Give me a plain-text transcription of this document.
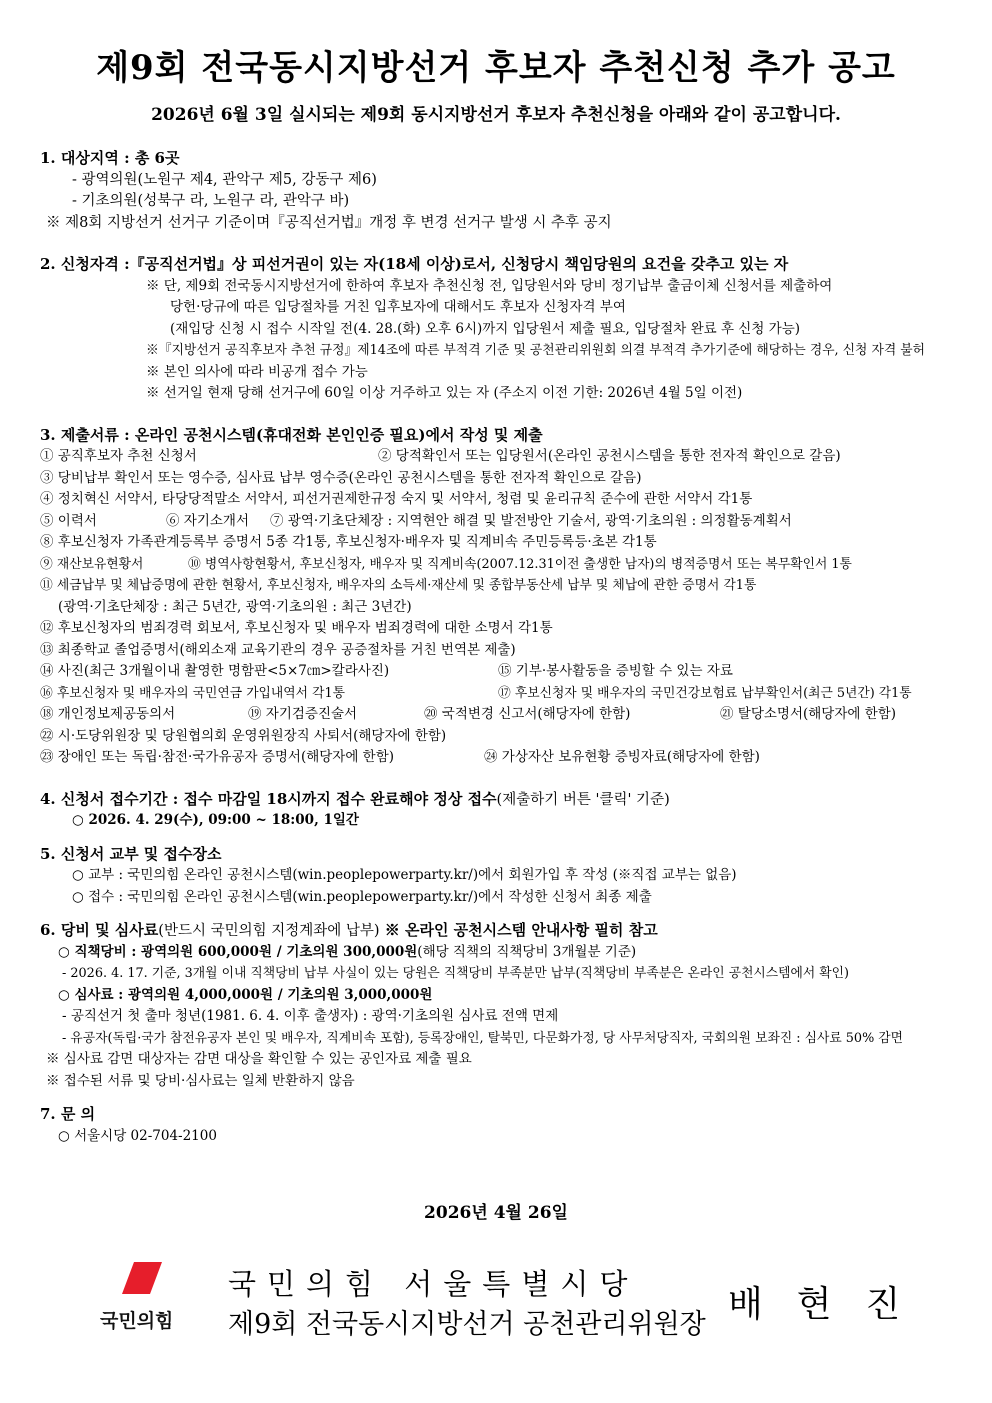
제9회 전국동시지방선거 후보자 추천신청 추가 공고
2026년 6월 3일 실시되는 제9회 동시지방선거 후보자 추천신청을 아래와 같이 공고합니다.
1. 대상지역 : 총 6곳
- 광역의원(노원구 제4, 관악구 제5, 강동구 제6)
- 기초의원(성북구 라, 노원구 라, 관악구 바)
※ 제8회 지방선거 선거구 기준이며『공직선거법』개정 후 변경 선거구 발생 시 추후 공지
2. 신청자격 :『공직선거법』상 피선거권이 있는 자(18세 이상)로서, 신청당시 책임당원의 요건을 갖추고 있는 자
※ 단, 제9회 전국동시지방선거에 한하여 후보자 추천신청 전, 입당원서와 당비 정기납부 출금이체 신청서를 제출하여
당헌·당규에 따른 입당절차를 거친 입후보자에 대해서도 후보자 신청자격 부여
(재입당 신청 시 접수 시작일 전(4. 28.(화) 오후 6시)까지 입당원서 제출 필요, 입당절차 완료 후 신청 가능)
※『지방선거 공직후보자 추천 규정』제14조에 따른 부적격 기준 및 공천관리위원회 의결 부적격 추가기준에 해당하는 경우, 신청 자격 불허
※ 본인 의사에 따라 비공개 접수 가능
※ 선거일 현재 당해 선거구에 60일 이상 거주하고 있는 자 (주소지 이전 기한: 2026년 4월 5일 이전)
3. 제출서류 : 온라인 공천시스템(휴대전화 본인인증 필요)에서 작성 및 제출
① 공직후보자 추천 신청서	② 당적확인서 또는 입당원서(온라인 공천시스템을 통한 전자적 확인으로 갈음)
③ 당비납부 확인서 또는 영수증, 심사료 납부 영수증(온라인 공천시스템을 통한 전자적 확인으로 갈음)
④ 정치혁신 서약서, 타당당적말소 서약서, 피선거권제한규정 숙지 및 서약서, 청렴 및 윤리규칙 준수에 관한 서약서 각1통
⑤ 이력서	⑥ 자기소개서 ⑦ 광역·기초단체장 : 지역현안 해결 및 발전방안 기술서, 광역·기초의원 : 의정활동계획서
⑧ 후보신청자 가족관계등록부 증명서 5종 각1통, 후보신청자·배우자 및 직계비속 주민등록등·초본 각1통
⑨ 재산보유현황서	⑩ 병역사항현황서, 후보신청자, 배우자 및 직계비속(2007.12.31이전 출생한 남자)의 병적증명서 또는 복무확인서 1통
⑪ 세금납부 및 체납증명에 관한 현황서, 후보신청자, 배우자의 소득세·재산세 및 종합부동산세 납부 및 체납에 관한 증명서 각1통
(광역·기초단체장 : 최근 5년간, 광역·기초의원 : 최근 3년간)
⑫ 후보신청자의 범죄경력 회보서, 후보신청자 및 배우자 범죄경력에 대한 소명서 각1통
⑬ 최종학교 졸업증명서(해외소재 교육기관의 경우 공증절차를 거친 번역본 제출)
⑭ 사진(최근 3개월이내 촬영한 명함판<5×7㎝>칼라사진)	⑮ 기부·봉사활동을 증빙할 수 있는 자료
⑯ 후보신청자 및 배우자의 국민연금 가입내역서 각1통	⑰ 후보신청자 및 배우자의 국민건강보험료 납부확인서(최근 5년간) 각1통
⑱ 개인정보제공동의서	⑲ 자기검증진술서	⑳ 국적변경 신고서(해당자에 한함)	㉑ 탈당소명서(해당자에 한함)
㉒ 시·도당위원장 및 당원협의회 운영위원장직 사퇴서(해당자에 한함)
㉓ 장애인 또는 독립·참전·국가유공자 증명서(해당자에 한함)	㉔ 가상자산 보유현황 증빙자료(해당자에 한함)
4. 신청서 접수기간 : 접수 마감일 18시까지 접수 완료해야 정상 접수(제출하기 버튼 '클릭' 기준)
○ 2026. 4. 29(수), 09:00 ~ 18:00, 1일간
5. 신청서 교부 및 접수장소
○ 교부 : 국민의힘 온라인 공천시스템(win.peoplepowerparty.kr/)에서 회원가입 후 작성 (※직접 교부는 없음)
○ 접수 : 국민의힘 온라인 공천시스템(win.peoplepowerparty.kr/)에서 작성한 신청서 최종 제출
6. 당비 및 심사료(반드시 국민의힘 지정계좌에 납부) ※ 온라인 공천시스템 안내사항 필히 참고
○ 직책당비 : 광역의원 600,000원 / 기초의원 300,000원(해당 직책의 직책당비 3개월분 기준)
- 2026. 4. 17. 기준, 3개월 이내 직책당비 납부 사실이 있는 당원은 직책당비 부족분만 납부(직책당비 부족분은 온라인 공천시스템에서 확인)
○ 심사료 : 광역의원 4,000,000원 / 기초의원 3,000,000원
- 공직선거 첫 출마 청년(1981. 6. 4. 이후 출생자) : 광역·기초의원 심사료 전액 면제
- 유공자(독립·국가 참전유공자 본인 및 배우자, 직계비속 포함), 등록장애인, 탈북민, 다문화가정, 당 사무처당직자, 국회의원 보좌진 : 심사료 50% 감면
※ 심사료 감면 대상자는 감면 대상을 확인할 수 있는 공인자료 제출 필요
※ 접수된 서류 및 당비·심사료는 일체 반환하지 않음
7. 문 의
○ 서울시당 02-704-2100
2026년 4월 26일
국민의힘
국민의힘 서울특별시당
제9회 전국동시지방선거 공천관리위원장 배현진
